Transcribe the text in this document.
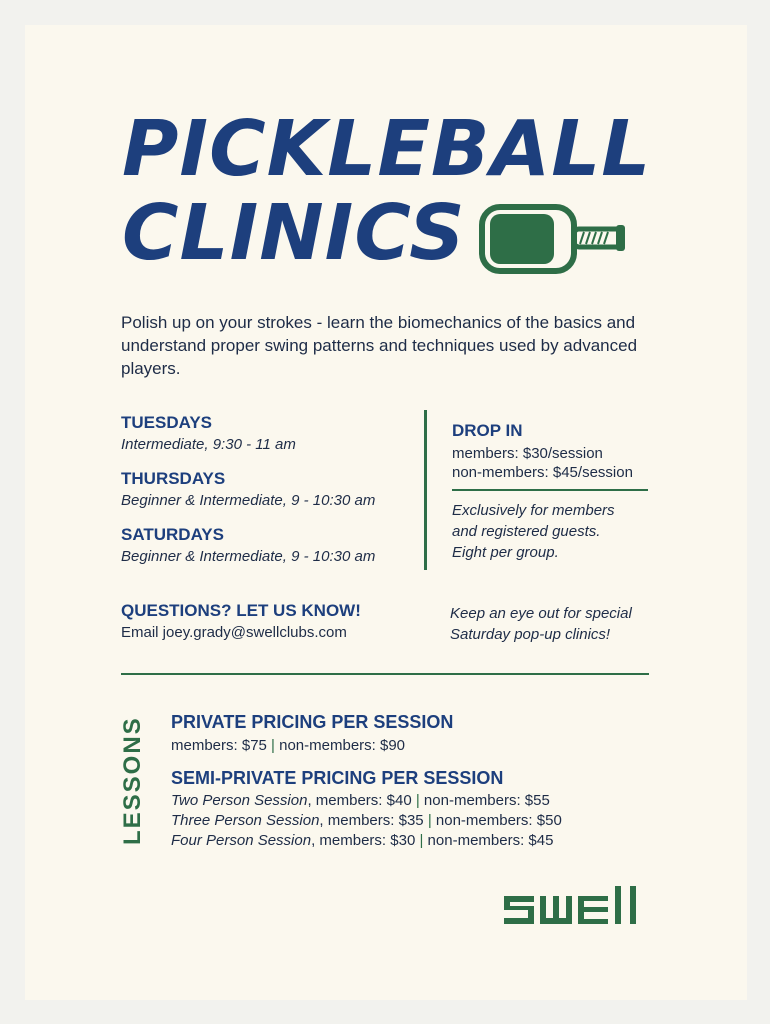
PICKLEBALL
CLINICS

Polish up on your strokes - learn the biomechanics of the basics and understand proper swing patterns and techniques used by advanced players.

TUESDAYS

Intermediate, 9:30 - 11 am

THURSDAYS

Beginner & Intermediate, 9 - 10:30 am

SATURDAYS

Beginner & Intermediate, 9 - 10:30 am

DROP IN

members: $30/session
non-members: $45/session

Exclusively for members
and registered guests.
Eight per group.

QUESTIONS? LET US KNOW!

Email joey.grady@swellclubs.com

Keep an eye out for special
Saturday pop-up clinics!

LESSONS PRIVATE PRICING PER SESSION

members: $75 | non-members: $90

SEMI-PRIVATE PRICING PER SESSION

Two Person Session, members: $40 | non-members: $55

Three Person Session, members: $35 | non-members: $50

Four Person Session, members: $30 | non-members: $45
